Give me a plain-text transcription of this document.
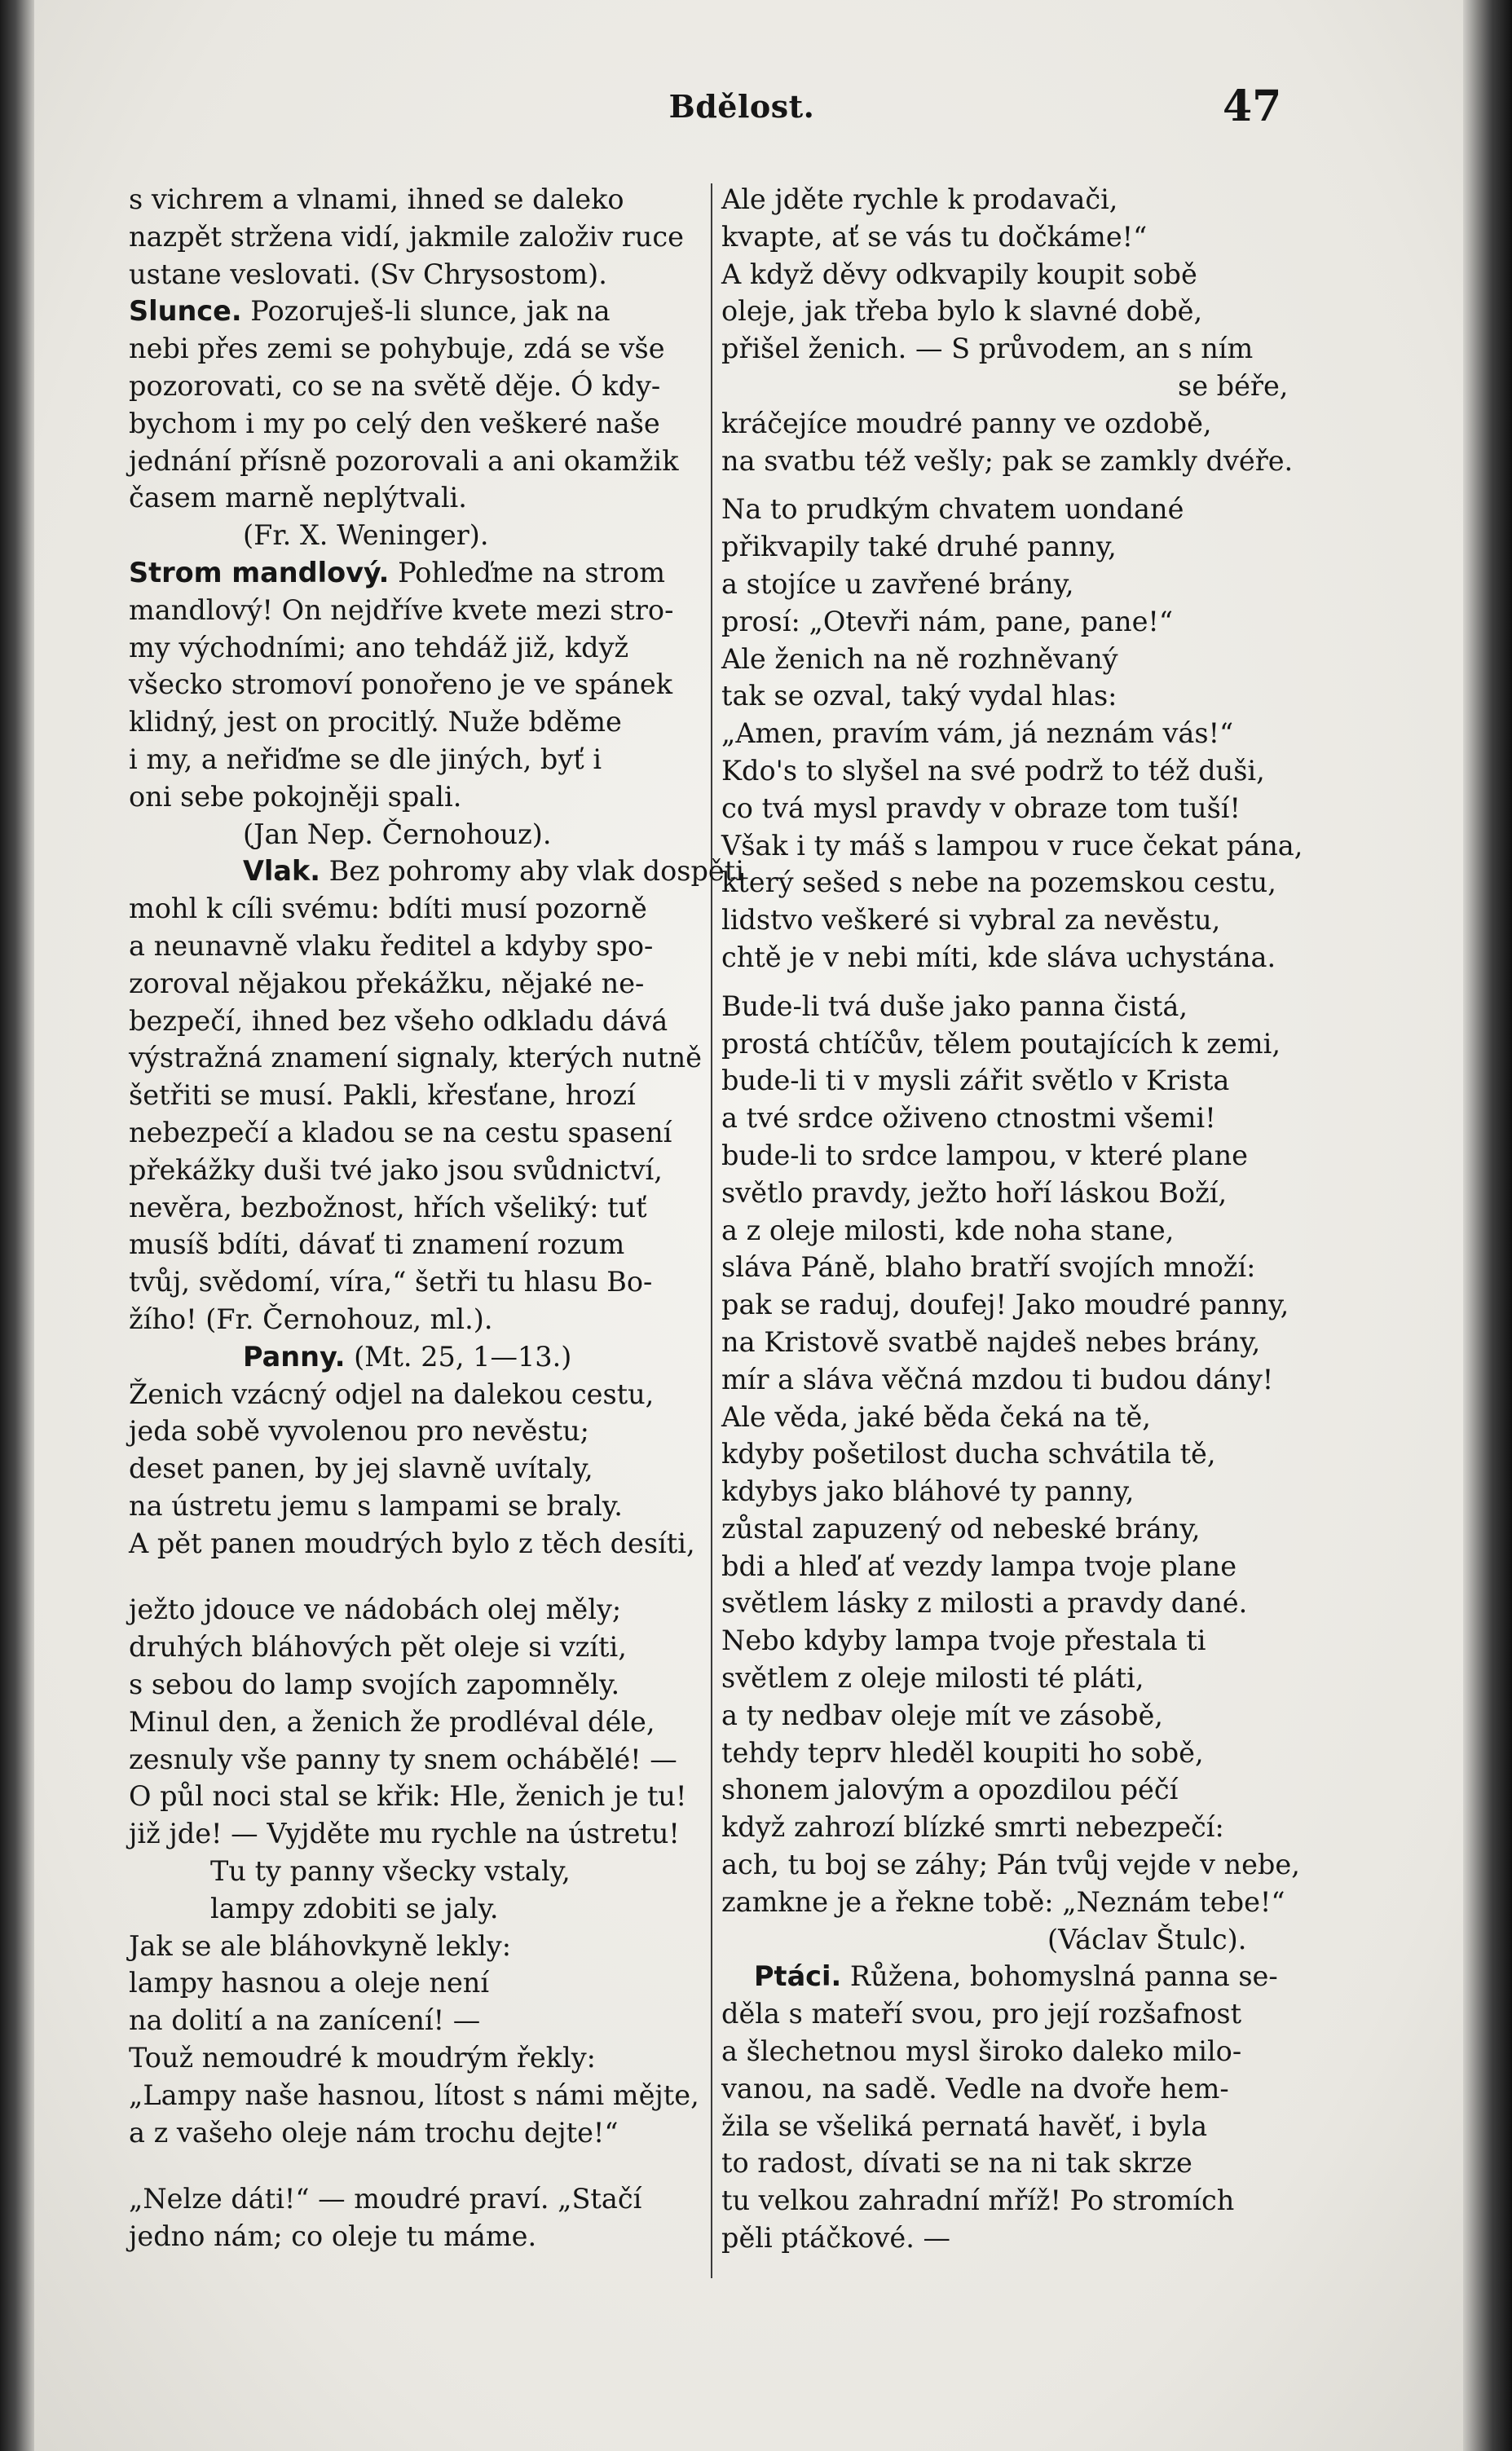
Bdělost.	47
s vichrem a vlnami, ihned se daleko
nazpět stržena vidí, jakmile založiv ruce
ustane veslovati. (Sv Chrysostom).
Slunce. Pozoruješ-li slunce, jak na
nebi přes zemi se pohybuje, zdá se vše
pozorovati, co se na světě děje. Ó kdy-
bychom i my po celý den veškeré naše
jednání přísně pozorovali a ani okamžik
časem marně neplýtvali.
(Fr. X. Weninger).
Strom mandlový. Pohleďme na strom
mandlový! On nejdříve kvete mezi stro-
my východními; ano tehdáž již, když
všecko stromoví ponořeno je ve spánek
klidný, jest on procitlý. Nuže bděme
i my, a neřiďme se dle jiných, byť i
oni sebe pokojněji spali.
(Jan Nep. Černohouz).
Vlak. Bez pohromy aby vlak dospěti
mohl k cíli svému: bdíti musí pozorně
a neunavně vlaku ředitel a kdyby spo-
zoroval nějakou překážku, nějaké ne-
bezpečí, ihned bez všeho odkladu dává
výstražná znamení signaly, kterých nutně
šetřiti se musí. Pakli, křesťane, hrozí
nebezpečí a kladou se na cestu spasení
překážky duši tvé jako jsou svůdnictví,
nevěra, bezbožnost, hřích všeliký: tuť
musíš bdíti, dávať ti znamení rozum
tvůj, svědomí, víra,“ šetři tu hlasu Bo-
žího! (Fr. Černohouz, ml.).
Panny. (Mt. 25, 1—13.)
Ženich vzácný odjel na dalekou cestu,
jeda sobě vyvolenou pro nevěstu;
deset panen, by jej slavně uvítaly,
na ústretu jemu s lampami se braly.
A pět panen moudrých bylo z těch desíti,
ježto jdouce ve nádobách olej měly;
druhých bláhových pět oleje si vzíti,
s sebou do lamp svojích zapomněly.
Minul den, a ženich že prodléval déle,
zesnuly vše panny ty snem ochábělé! —
O půl noci stal se křik: Hle, ženich je tu!
již jde! — Vyjděte mu rychle na ústretu!
Tu ty panny všecky vstaly,
lampy zdobiti se jaly.
Jak se ale bláhovkyně lekly:
lampy hasnou a oleje není
na dolití a na zanícení! —
Touž nemoudré k moudrým řekly:
„Lampy naše hasnou, lítost s námi mějte,
a z vašeho oleje nám trochu dejte!“
„Nelze dáti!“ — moudré praví. „Stačí
jedno nám; co oleje tu máme.
Ale jděte rychle k prodavači,
kvapte, ať se vás tu dočkáme!“
A když děvy odkvapily koupit sobě
oleje, jak třeba bylo k slavné době,
přišel ženich. — S průvodem, an s ním
se béře,
kráčejíce moudré panny ve ozdobě,
na svatbu též vešly; pak se zamkly dvéře.
Na to prudkým chvatem uondané
přikvapily také druhé panny,
a stojíce u zavřené brány,
prosí: „Otevři nám, pane, pane!“
Ale ženich na ně rozhněvaný
tak se ozval, taký vydal hlas:
„Amen, pravím vám, já neznám vás!“
Kdo's to slyšel na své podrž to též duši,
co tvá mysl pravdy v obraze tom tuší!
Však i ty máš s lampou v ruce čekat pána,
který sešed s nebe na pozemskou cestu,
lidstvo veškeré si vybral za nevěstu,
chtě je v nebi míti, kde sláva uchystána.
Bude-li tvá duše jako panna čistá,
prostá chtíčův, tělem poutajících k zemi,
bude-li ti v mysli zářit světlo v Krista
a tvé srdce oživeno ctnostmi všemi!
bude-li to srdce lampou, v které plane
světlo pravdy, ježto hoří láskou Boží,
a z oleje milosti, kde noha stane,
sláva Páně, blaho bratří svojích množí:
pak se raduj, doufej! Jako moudré panny,
na Kristově svatbě najdeš nebes brány,
mír a sláva věčná mzdou ti budou dány!
Ale věda, jaké běda čeká na tě,
kdyby pošetilost ducha schvátila tě,
kdybys jako bláhové ty panny,
zůstal zapuzený od nebeské brány,
bdi a hleď ať vezdy lampa tvoje plane
světlem lásky z milosti a pravdy dané.
Nebo kdyby lampa tvoje přestala ti
světlem z oleje milosti té pláti,
a ty nedbav oleje mít ve zásobě,
tehdy teprv hleděl koupiti ho sobě,
shonem jalovým a opozdilou péčí
když zahrozí blízké smrti nebezpečí:
ach, tu boj se záhy; Pán tvůj vejde v nebe,
zamkne je a řekne tobě: „Neznám tebe!“
(Václav Štulc).
Ptáci. Růžena, bohomyslná panna se-
děla s mateří svou, pro její rozšafnost
a šlechetnou mysl široko daleko milo-
vanou, na sadě. Vedle na dvoře hem-
žila se všeliká pernatá havěť, i byla
to radost, dívati se na ni tak skrze
tu velkou zahradní mříž! Po stromích
pěli ptáčkové. —
